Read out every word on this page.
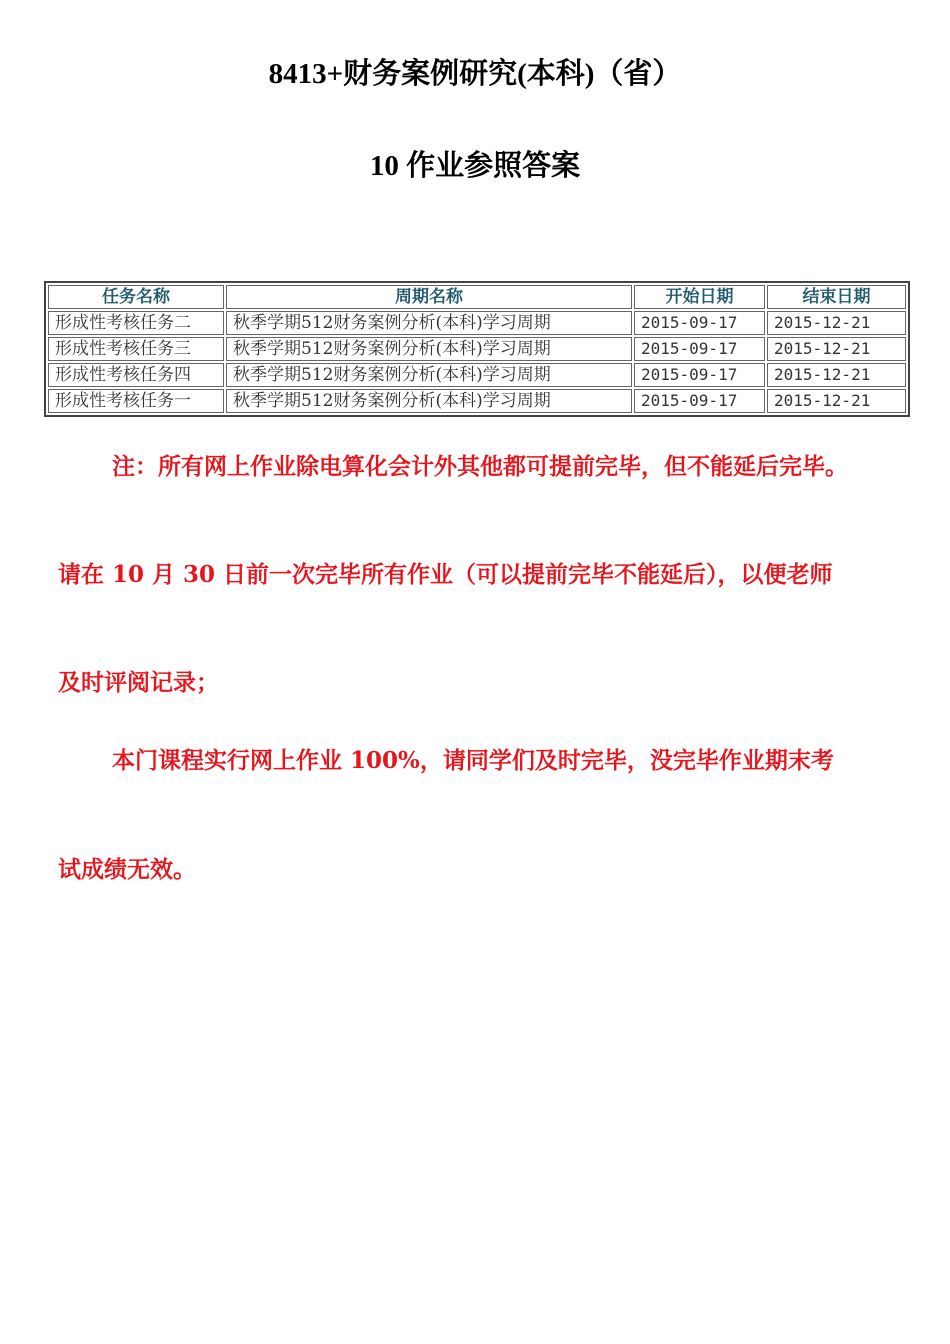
8413+财务案例研究(本科)（省）
10 作业参照答案
任务名称	周期名称	开始日期	结束日期
形成性考核任务二	秋季学期512财务案例分析(本科)学习周期	2015-09-17	2015-12-21
形成性考核任务三	秋季学期512财务案例分析(本科)学习周期	2015-09-17	2015-12-21
形成性考核任务四	秋季学期512财务案例分析(本科)学习周期	2015-09-17	2015-12-21
形成性考核任务一	秋季学期512财务案例分析(本科)学习周期	2015-09-17	2015-12-21
注：所有网上作业除电算化会计外其他都可提前完毕，但不能延后完毕。
请在 10 月 30 日前一次完毕所有作业（可以提前完毕不能延后），以便老师
及时评阅记录；
本门课程实行网上作业 100%，请同学们及时完毕，没完毕作业期末考
试成绩无效。
